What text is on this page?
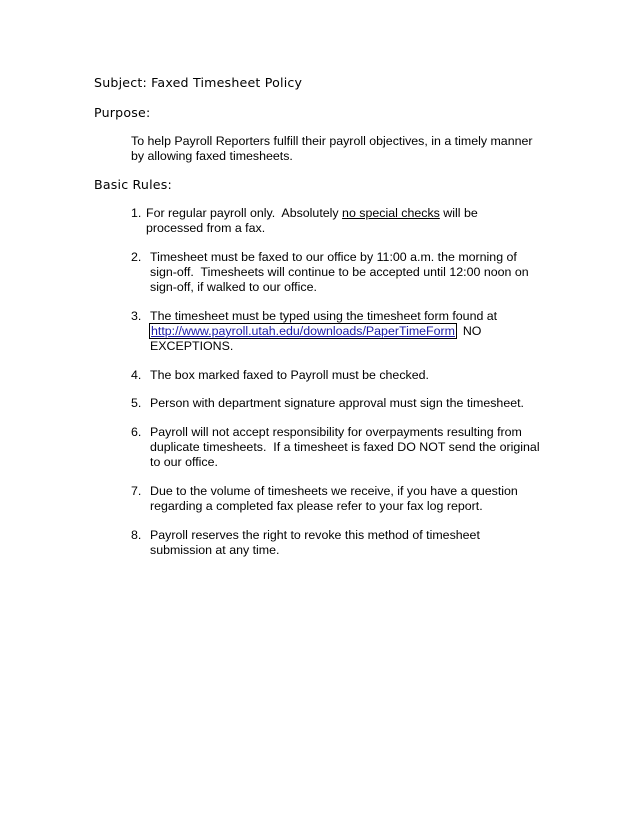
Subject: Faxed Timesheet Policy
Purpose:
To help Payroll Reporters fulfill their payroll objectives, in a timely manner
by allowing faxed timesheets.
Basic Rules:
1. For regular payroll only.  Absolutely no special checks will be
processed from a fax.
2. Timesheet must be faxed to our office by 11:00 a.m. the morning of
sign-off.  Timesheets will continue to be accepted until 12:00 noon on
sign-off, if walked to our office.
3. The timesheet must be typed using the timesheet form found at
http://www.payroll.utah.edu/downloads/PaperTimeForm  NO
EXCEPTIONS.
4. The box marked faxed to Payroll must be checked.
5. Person with department signature approval must sign the timesheet.
6. Payroll will not accept responsibility for overpayments resulting from
duplicate timesheets.  If a timesheet is faxed DO NOT send the original
to our office.
7. Due to the volume of timesheets we receive, if you have a question
regarding a completed fax please refer to your fax log report.
8. Payroll reserves the right to revoke this method of timesheet
submission at any time.
